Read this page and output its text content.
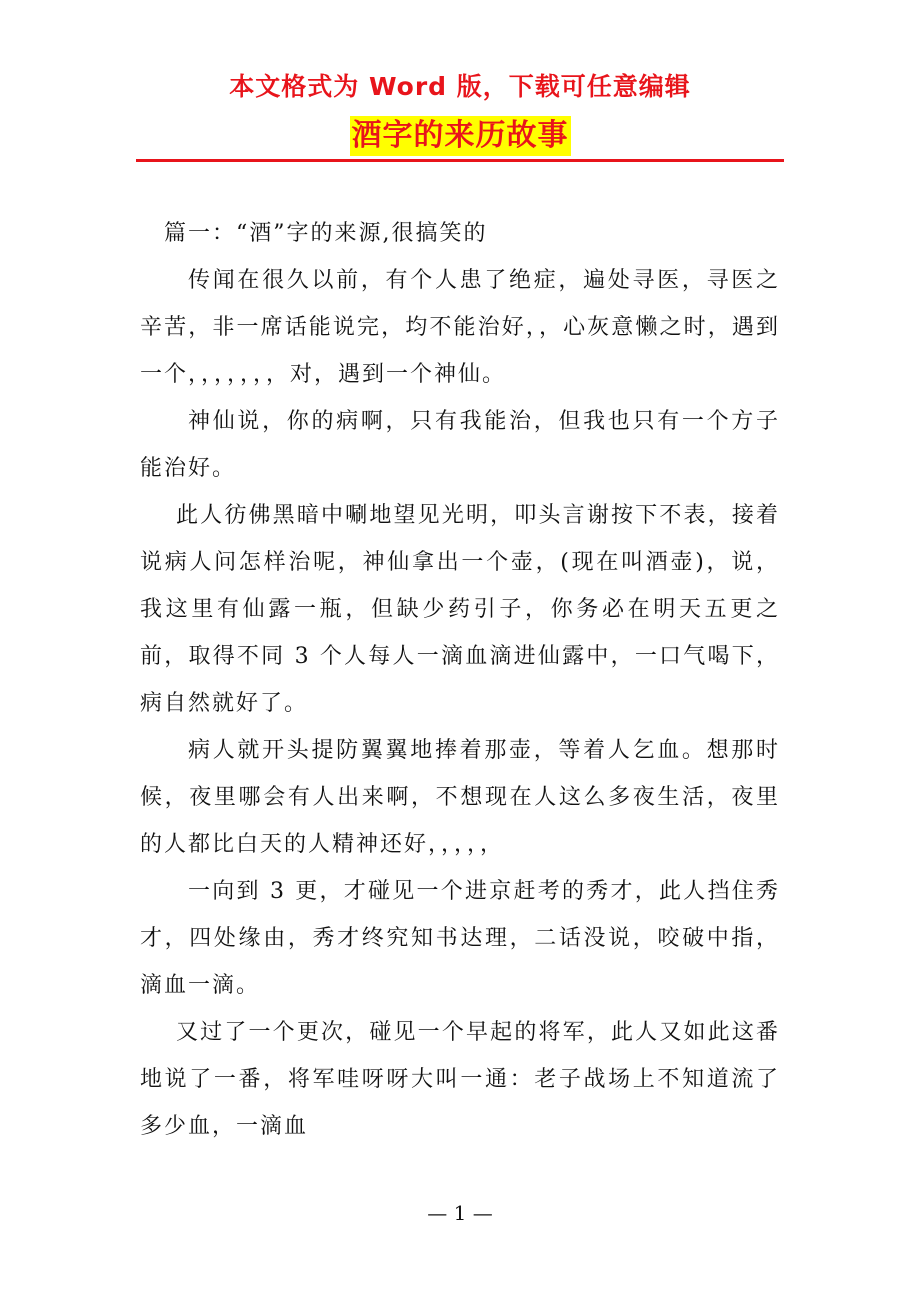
本文格式为 Word 版，下载可任意编辑
酒字的来历故事

篇一：“酒”字的来源,很搞笑的

传闻在很久以前，有个人患了绝症，遍处寻医，寻医之辛苦，非一席话能说完，均不能治好，，心灰意懒之时，遇到一个，，，，，，，对，遇到一个神仙。

神仙说，你的病啊，只有我能治，但我也只有一个方子能治好。

此人彷佛黑暗中唰地望见光明，叩头言谢按下不表，接着说病人问怎样治呢，神仙拿出一个壶，(现在叫酒壶)，说，我这里有仙露一瓶，但缺少药引子，你务必在明天五更之前，取得不同 3 个人每人一滴血滴进仙露中，一口气喝下，病自然就好了。

病人就开头提防翼翼地捧着那壶，等着人乞血。想那时候，夜里哪会有人出来啊，不想现在人这么多夜生活，夜里的人都比白天的人精神还好，，，，，

一向到 3 更，才碰见一个进京赶考的秀才，此人挡住秀才，四处缘由，秀才终究知书达理，二话没说，咬破中指，滴血一滴。

又过了一个更次，碰见一个早起的将军，此人又如此这番地说了一番，将军哇呀呀大叫一通：老子战场上不知道流了多少血，一滴血

— 1 —
